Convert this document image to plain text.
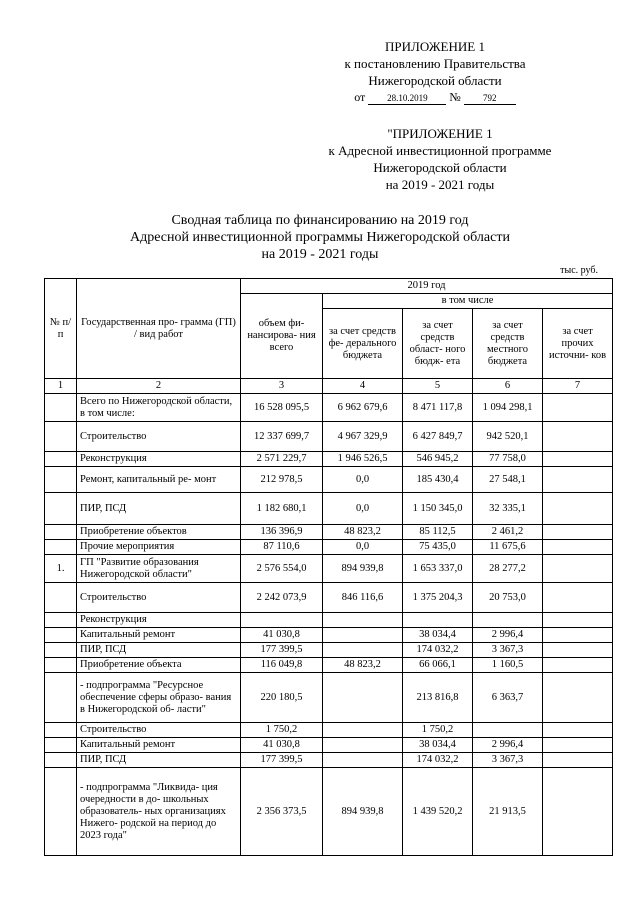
ПРИЛОЖЕНИЕ 1
к постановлению Правительства
Нижегородской области
от 28.10.2019 № 792
"ПРИЛОЖЕНИЕ 1
к Адресной инвестиционной программе
Нижегородской области
на 2019 - 2021 годы
Сводная таблица по финансированию на 2019 год
Адресной инвестиционной программы Нижегородской области
на 2019 - 2021 годы
тыс. руб.
№ п/ п	Государственная про- грамма (ГП) / вид работ	2019 год				
		объем фи- нансирова- ния всего	в том числе			
			за счет средств фе- дерального бюджета	за счет средств област- ного бюдж- ета	за счет средств местного бюджета	за счет прочих источни- ков
1	2	3	4	5	6	7
	Всего по Нижегородской области, в том числе:	16 528 095,5	6 962 679,6	8 471 117,8	1 094 298,1	
	Строительство	12 337 699,7	4 967 329,9	6 427 849,7	942 520,1	
	Реконструкция	2 571 229,7	1 946 526,5	546 945,2	77 758,0	
	Ремонт, капитальный ре- монт	212 978,5	0,0	185 430,4	27 548,1	
	ПИР, ПСД	1 182 680,1	0,0	1 150 345,0	32 335,1	
	Приобретение объектов	136 396,9	48 823,2	85 112,5	2 461,2	
	Прочие мероприятия	87 110,6	0,0	75 435,0	11 675,6	
1.	ГП "Развитие образования Нижегородской области"	2 576 554,0	894 939,8	1 653 337,0	28 277,2	
	Строительство	2 242 073,9	846 116,6	1 375 204,3	20 753,0	
	Реконструкция					
	Капитальный ремонт	41 030,8		38 034,4	2 996,4	
	ПИР, ПСД	177 399,5		174 032,2	3 367,3	
	Приобретение объекта	116 049,8	48 823,2	66 066,1	1 160,5	
	- подпрограмма "Ресурсное обеспечение сферы образо- вания в Нижегородской об- ласти"	220 180,5		213 816,8	6 363,7	
	Строительство	1 750,2		1 750,2		
	Капитальный ремонт	41 030,8		38 034,4	2 996,4	
	ПИР, ПСД	177 399,5		174 032,2	3 367,3	
	- подпрограмма "Ликвида- ция очередности в до- школьных образователь- ных организациях Нижего- родской на период до 2023 года"	2 356 373,5	894 939,8	1 439 520,2	21 913,5	
